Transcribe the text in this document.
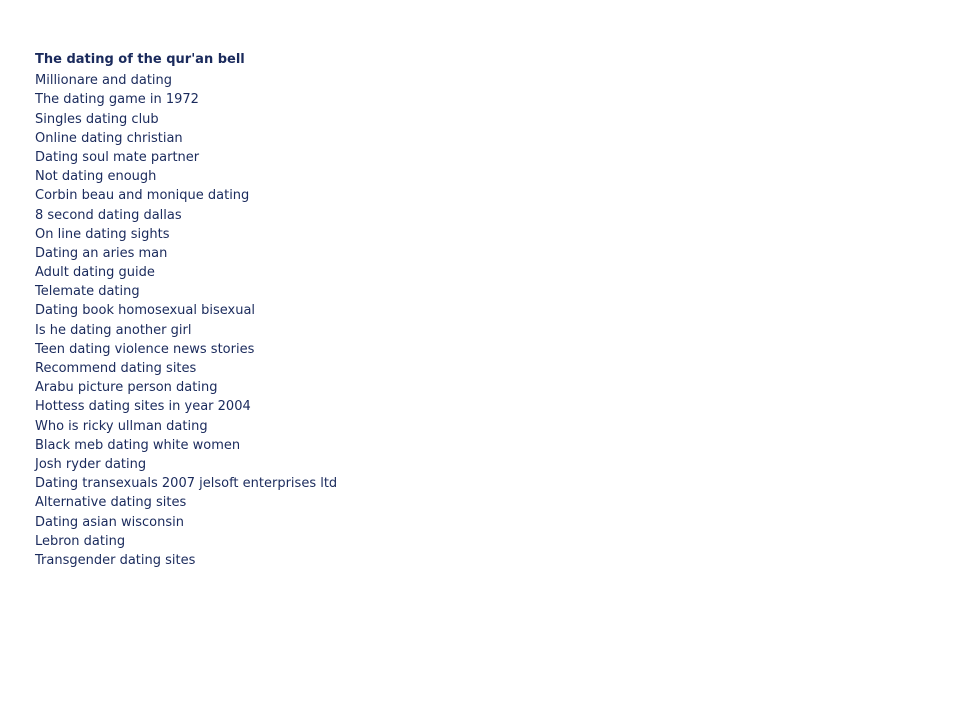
The dating of the qur'an bell
Millionare and dating
The dating game in 1972
Singles dating club
Online dating christian
Dating soul mate partner
Not dating enough
Corbin beau and monique dating
8 second dating dallas
On line dating sights
Dating an aries man
Adult dating guide
Telemate dating
Dating book homosexual bisexual
Is he dating another girl
Teen dating violence news stories
Recommend dating sites
Arabu picture person dating
Hottess dating sites in year 2004
Who is ricky ullman dating
Black meb dating white women
Josh ryder dating
Dating transexuals 2007 jelsoft enterprises ltd
Alternative dating sites
Dating asian wisconsin
Lebron dating
Transgender dating sites
